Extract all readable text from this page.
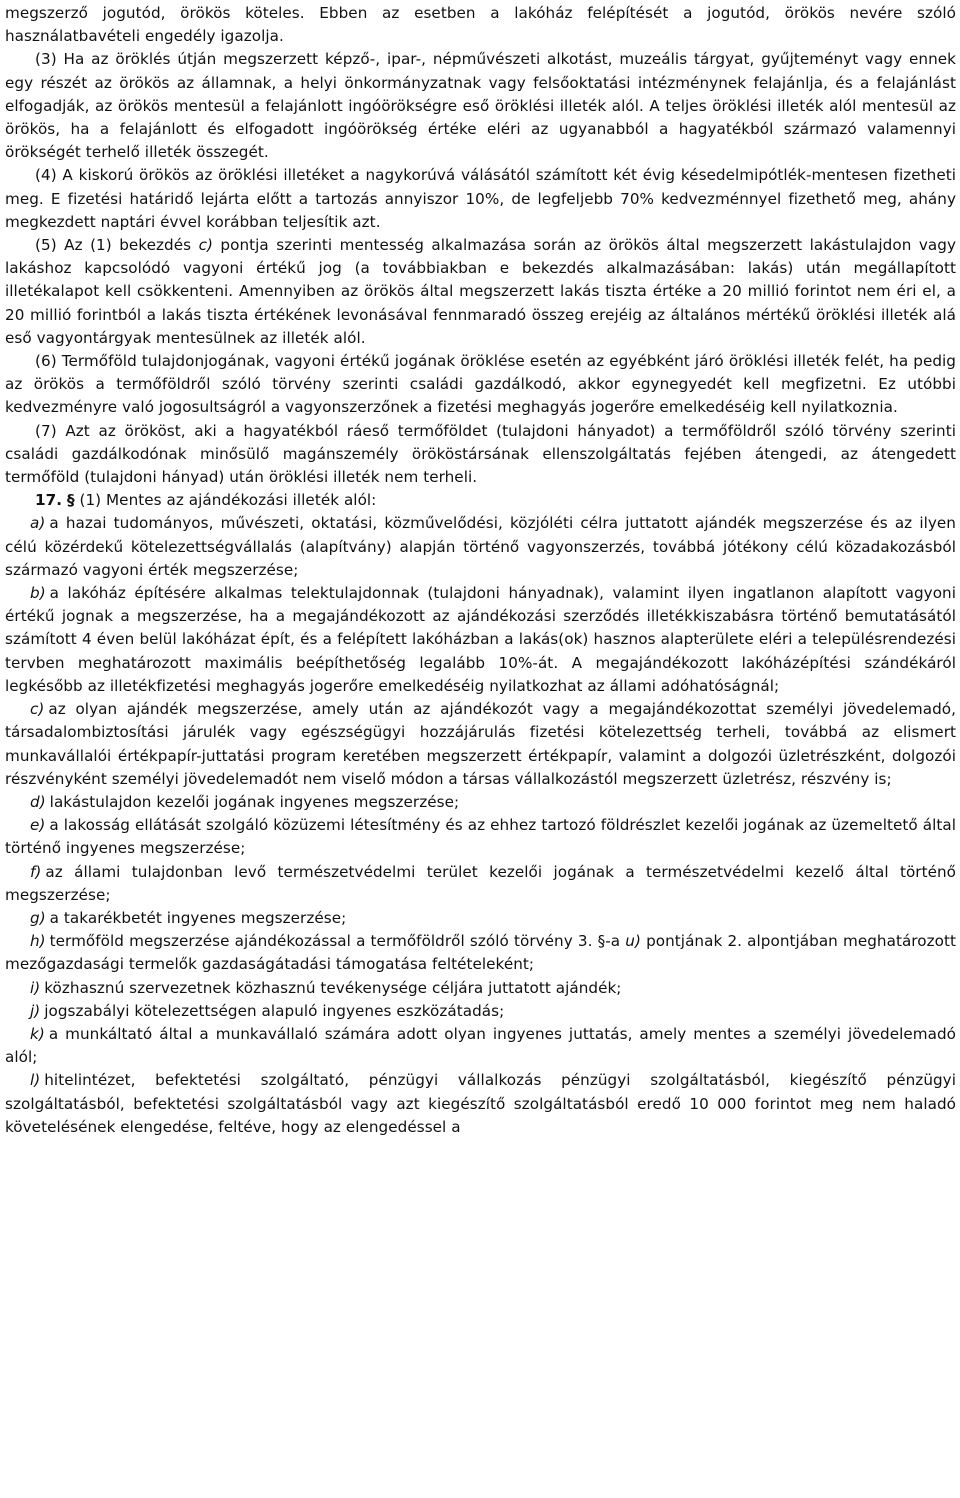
megszerző jogutód, örökös köteles. Ebben az esetben a lakóház felépítését a jogutód, örökös nevére szóló használatbavételi engedély igazolja.

(3) Ha az öröklés útján megszerzett képző-, ipar-, népművészeti alkotást, muzeális tárgyat, gyűjteményt vagy ennek egy részét az örökös az államnak, a helyi önkormányzatnak vagy felsőoktatási intézménynek felajánlja, és a felajánlást elfogadják, az örökös mentesül a felajánlott ingóörökségre eső öröklési illeték alól. A teljes öröklési illeték alól mentesül az örökös, ha a felajánlott és elfogadott ingóörökség értéke eléri az ugyanabból a hagyatékból származó valamennyi örökségét terhelő illeték összegét.

(4) A kiskorú örökös az öröklési illetéket a nagykorúvá válásától számított két évig késedelmipótlék-mentesen fizetheti meg. E fizetési határidő lejárta előtt a tartozás annyiszor 10%, de legfeljebb 70% kedvezménnyel fizethető meg, ahány megkezdett naptári évvel korábban teljesítik azt.

(5) Az (1) bekezdés c) pontja szerinti mentesség alkalmazása során az örökös által megszerzett lakástulajdon vagy lakáshoz kapcsolódó vagyoni értékű jog (a továbbiakban e bekezdés alkalmazásában: lakás) után megállapított illetékalapot kell csökkenteni. Amennyiben az örökös által megszerzett lakás tiszta értéke a 20 millió forintot nem éri el, a 20 millió forintból a lakás tiszta értékének levonásával fennmaradó összeg erejéig az általános mértékű öröklési illeték alá eső vagyontárgyak mentesülnek az illeték alól.

(6) Termőföld tulajdonjogának, vagyoni értékű jogának öröklése esetén az egyébként járó öröklési illeték felét, ha pedig az örökös a termőföldről szóló törvény szerinti családi gazdálkodó, akkor egynegyedét kell megfizetni. Ez utóbbi kedvezményre való jogosultságról a vagyonszerzőnek a fizetési meghagyás jogerőre emelkedéséig kell nyilatkoznia.

(7) Azt az örököst, aki a hagyatékból ráeső termőföldet (tulajdoni hányadot) a termőföldről szóló törvény szerinti családi gazdálkodónak minősülő magánszemély örököstársának ellenszolgáltatás fejében átengedi, az átengedett termőföld (tulajdoni hányad) után öröklési illeték nem terheli.

17. § (1) Mentes az ajándékozási illeték alól:

a) a hazai tudományos, művészeti, oktatási, közművelődési, közjóléti célra juttatott ajándék megszerzése és az ilyen célú közérdekű kötelezettségvállalás (alapítvány) alapján történő vagyonszerzés, továbbá jótékony célú közadakozásból származó vagyoni érték megszerzése;

b) a lakóház építésére alkalmas telektulajdonnak (tulajdoni hányadnak), valamint ilyen ingatlanon alapított vagyoni értékű jognak a megszerzése, ha a megajándékozott az ajándékozási szerződés illetékkiszabásra történő bemutatásától számított 4 éven belül lakóházat épít, és a felépített lakóházban a lakás(ok) hasznos alapterülete eléri a településrendezési tervben meghatározott maximális beépíthetőség legalább 10%-át. A megajándékozott lakóházépítési szándékáról legkésőbb az illetékfizetési meghagyás jogerőre emelkedéséig nyilatkozhat az állami adóhatóságnál;

c) az olyan ajándék megszerzése, amely után az ajándékozót vagy a megajándékozottat személyi jövedelemadó, társadalombiztosítási járulék vagy egészségügyi hozzájárulás fizetési kötelezettség terheli, továbbá az elismert munkavállalói értékpapír-juttatási program keretében megszerzett értékpapír, valamint a dolgozói üzletrészként, dolgozói részvényként személyi jövedelemadót nem viselő módon a társas vállalkozástól megszerzett üzletrész, részvény is;

d) lakástulajdon kezelői jogának ingyenes megszerzése;

e) a lakosság ellátását szolgáló közüzemi létesítmény és az ehhez tartozó földrészlet kezelői jogának az üzemeltető által történő ingyenes megszerzése;

f) az állami tulajdonban levő természetvédelmi terület kezelői jogának a természetvédelmi kezelő által történő megszerzése;

g) a takarékbetét ingyenes megszerzése;

h) termőföld megszerzése ajándékozással a termőföldről szóló törvény 3. §-a u) pontjának 2. alpontjában meghatározott mezőgazdasági termelők gazdaságátadási támogatása feltételeként;

i) közhasznú szervezetnek közhasznú tevékenysége céljára juttatott ajándék;

j) jogszabályi kötelezettségen alapuló ingyenes eszközátadás;

k) a munkáltató által a munkavállaló számára adott olyan ingyenes juttatás, amely mentes a személyi jövedelemadó alól;

l) hitelintézet, befektetési szolgáltató, pénzügyi vállalkozás pénzügyi szolgáltatásból, kiegészítő pénzügyi szolgáltatásból, befektetési szolgáltatásból vagy azt kiegészítő szolgáltatásból eredő 10 000 forintot meg nem haladó követelésének elengedése, feltéve, hogy az elengedéssel a
